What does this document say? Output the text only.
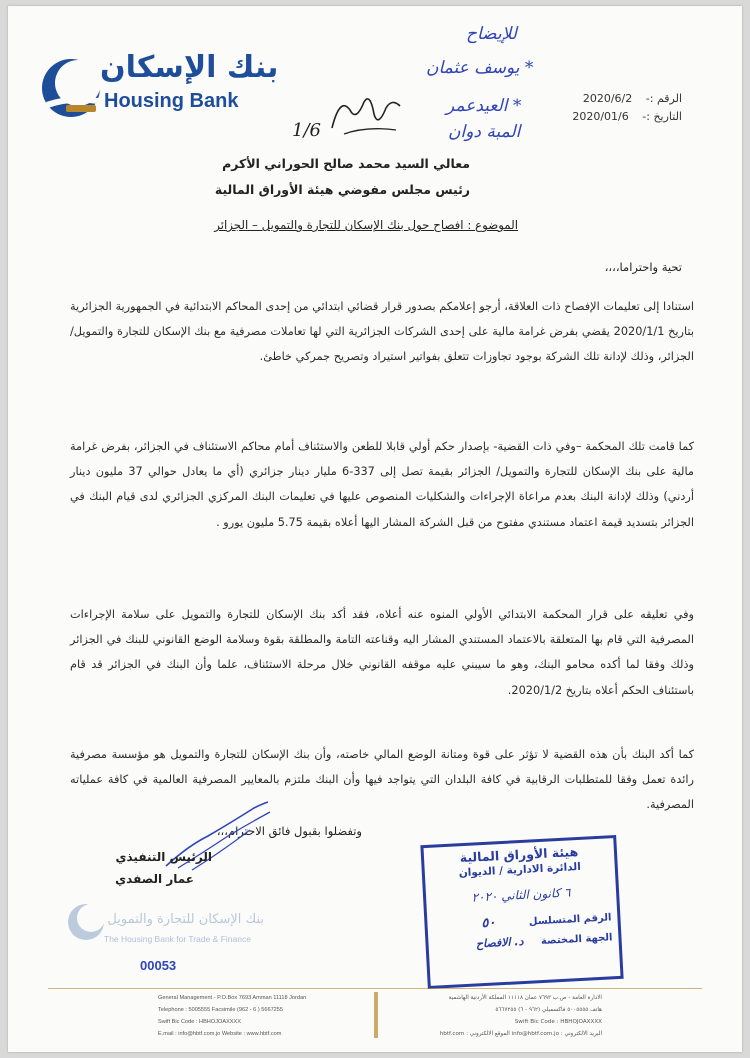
بنك الإسكان
Housing Bank
للإيضاح
* يوسف عثمان
* العيدعمر
المبة دوان
1/6
الرقم :- 2020/6/2
التاريخ :- 2020/01/6
معالي السيد محمد صالح الحوراني الأكرم
رئيس مجلس مفوضي هيئة الأوراق المالية
الموضوع : افصاح حول بنك الإسكان للتجارة والتمويل – الجزائر
تحية واحتراما،،،،
استنادا إلى تعليمات الإفصاح ذات العلاقة، أرجو إعلامكم بصدور قرار قضائي ابتدائي من إحدى المحاكم الابتدائية في الجمهورية الجزائرية بتاريخ 2020/1/1 يقضي بفرض غرامة مالية على إحدى الشركات الجزائرية التي لها تعاملات مصرفية مع بنك الإسكان للتجارة والتمويل/ الجزائر، وذلك لإدانة تلك الشركة بوجود تجاوزات تتعلق بفواتير استيراد وتصريح جمركي خاطئ.
كما قامت تلك المحكمة –وفي ذات القضية- بإصدار حكم أولي قابلا للطعن والاستئناف أمام محاكم الاستئناف في الجزائر، بفرض غرامة مالية على بنك الإسكان للتجارة والتمويل/ الجزائر بقيمة تصل إلى 337-6 مليار دينار جزائري (أي ما يعادل حوالي 37 مليون دينار أردني) وذلك لإدانة البنك بعدم مراعاة الإجراءات والشكليات المنصوص عليها في تعليمات البنك المركزي الجزائري لدى قيام البنك في الجزائر بتسديد قيمة اعتماد مستندي مفتوح من قبل الشركة المشار اليها أعلاه بقيمة 5.75 مليون يورو .
وفي تعليقه على قرار المحكمة الابتدائي الأولي المنوه عنه أعلاه، فقد أكد بنك الإسكان للتجارة والتمويل على سلامة الإجراءات المصرفية التي قام بها المتعلقة بالاعتماد المستندي المشار اليه وقناعته التامة والمطلقة بقوة وسلامة الوضع القانوني للبنك في الجزائر وذلك وفقا لما أكده محامو البنك، وهو ما سيبني عليه موقفه القانوني خلال مرحلة الاستئناف، علما وأن البنك في الجزائر قد قام باستئناف الحكم أعلاه بتاريخ 2020/1/2.
كما أكد البنك بأن هذه القضية لا تؤثر على قوة ومتانة الوضع المالي خاصته، وأن بنك الإسكان للتجارة والتمويل هو مؤسسة مصرفية رائدة تعمل وفقا للمتطلبات الرقابية في كافة البلدان التي يتواجد فيها وأن البنك ملتزم بالمعايير المصرفية العالمية في كافة عملياته المصرفية.
وتفضلوا بقبول فائق الاحترام،،،
الرئيس التنفيذي
عمار الصفدي
بنك الإسكان للتجارة والتمويل
The Housing Bank for Trade & Finance
00053
هيئة الأوراق المالية
الدائرة الادارية / الديوان
٦ كانون الثاني ٢٠٢٠
الرقم المتسلسل ٥٠
الجهة المختصة د. الافصاح
General Management - P.O.Box 7693 Amman 11118 Jordan
Telephone : 5005555 Facsimile (962 - 6 ) 5667255
Swift Bic Code : HBHOJOAXXXX
E.mail : info@hbtf.com.jo Website : www.hbtf.com
الادارة العامة - ص.ب ٧٦٩٣ عمان ١١١١٨ المملكة الأردنية الهاشمية
هاتف ٥٠٠٥٥٥٥ فاكسميلي (٩٦٢ - ٦) ٥٦٦٧٢٥٥
Swift Bic Code : HBHOJOAXXXX
البريد الالكتروني : info@hbtf.com.jo الموقع الالكتروني : hbtf.com
